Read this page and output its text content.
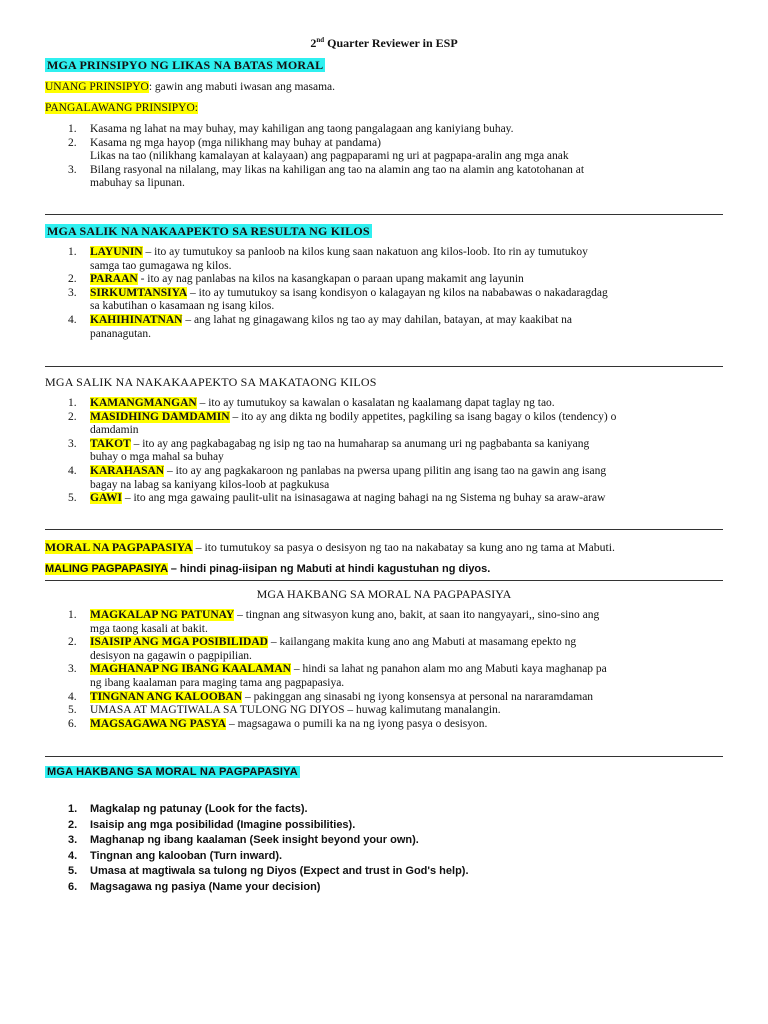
2nd Quarter Reviewer in ESP
MGA PRINSIPYO NG LIKAS NA BATAS MORAL
UNANG PRINSIPYO: gawin ang mabuti iwasan ang masama.
PANGALAWANG PRINSIPYO:
1. Kasama ng lahat na may buhay, may kahiligan ang taong pangalagaan ang kaniyiang buhay.
2. Kasama ng mga hayop (mga nilikhang may buhay at pandama)
Likas na tao (nilikhang kamalayan at kalayaan) ang pagpaparami ng uri at pagpapa-aralin ang mga anak
3. Bilang rasyonal na nilalang, may likas na kahiligan ang tao na alamin ang tao na alamin ang katotohanan at
mabuhay sa lipunan.
MGA SALIK NA NAKAAPEKTO SA RESULTA NG KILOS
1. LAYUNIN – ito ay tumutukoy sa panloob na kilos kung saan nakatuon ang kilos-loob. Ito rin ay tumutukoy
samga tao gumagawa ng kilos.
2. PARAAN - ito ay nag panlabas na kilos na kasangkapan o paraan upang makamit ang layunin
3. SIRKUMTANSIYA – ito ay tumutukoy sa isang kondisyon o kalagayan ng kilos na nababawas o nakadaragdag
sa kabutihan o kasamaan ng isang kilos.
4. KAHIHINATNAN – ang lahat ng ginagawang kilos ng tao ay may dahilan, batayan, at may kaakibat na
pananagutan.
MGA SALIK NA NAKAKAAPEKTO SA MAKATAONG KILOS
1. KAMANGMANGAN – ito ay tumutukoy sa kawalan o kasalatan ng kaalamang dapat taglay ng tao.
2. MASIDHING DAMDAMIN – ito ay ang dikta ng bodily appetites, pagkiling sa isang bagay o kilos (tendency) o
damdamin
3. TAKOT – ito ay ang pagkabagabag ng isip ng tao na humaharap sa anumang uri ng pagbabanta sa kaniyang
buhay o mga mahal sa buhay
4. KARAHASAN – ito ay ang pagkakaroon ng panlabas na pwersa upang pilitin ang isang tao na gawin ang isang
bagay na labag sa kaniyang kilos-loob at pagkukusa
5. GAWI – ito ang mga gawaing paulit-ulit na isinasagawa at naging bahagi na ng Sistema ng buhay sa araw-araw
MORAL NA PAGPAPASIYA – ito tumutukoy sa pasya o desisyon ng tao na nakabatay sa kung ano ng tama at Mabuti.
MALING PAGPAPASIYA – hindi pinag-iisipan ng Mabuti at hindi kagustuhan ng diyos.
MGA HAKBANG SA MORAL NA PAGPAPASIYA
1. MAGKALAP NG PATUNAY – tingnan ang sitwasyon kung ano, bakit, at saan ito nangyayari,, sino-sino ang
mga taong kasali at bakit.
2. ISAISIP ANG MGA POSIBILIDAD – kailangang makita kung ano ang Mabuti at masamang epekto ng
desisyon na gagawin o pagpipilian.
3. MAGHANAP NG IBANG KAALAMAN – hindi sa lahat ng panahon alam mo ang Mabuti kaya maghanap pa
ng ibang kaalaman para maging tama ang pagpapasiya.
4. TINGNAN ANG KALOOBAN – pakinggan ang sinasabi ng iyong konsensya at personal na nararamdaman
5. UMASA AT MAGTIWALA SA TULONG NG DIYOS – huwag kalimutang manalangin.
6. MAGSAGAWA NG PASYA – magsagawa o pumili ka na ng iyong pasya o desisyon.
MGA HAKBANG SA MORAL NA PAGPAPASIYA
1. Magkalap ng patunay (Look for the facts).
2. Isaisip ang mga posibilidad (Imagine possibilities).
3. Maghanap ng ibang kaalaman (Seek insight beyond your own).
4. Tingnan ang kalooban (Turn inward).
5. Umasa at magtiwala sa tulong ng Diyos (Expect and trust in God's help).
6. Magsagawa ng pasiya (Name your decision)
